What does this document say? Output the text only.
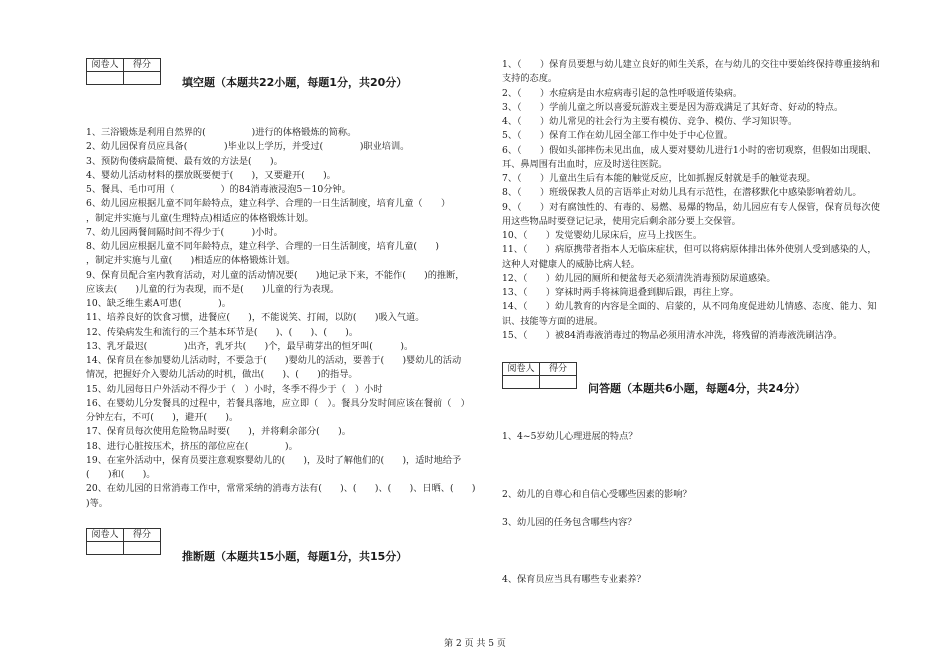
阅卷人	得分

填空题（本题共22小题，每题1分，共20分）
1、三浴锻炼是利用自然界的(　　　　　)进行的体格锻炼的简称。
2、幼儿园保育员应具备(　　　　)毕业以上学历，并受过(　　　　)职业培训。
3、预防佝偻病最简便、最有效的方法是(　　)。
4、婴幼儿活动材料的摆放既要便于(　　)，又要避开(　　)。
5、餐具、毛巾可用（　　　　　）的84消毒液浸泡5－10分钟。
6、幼儿园应根据儿童不同年龄特点，建立科学、合理的一日生活制度，培育儿童（　　）
，制定并实施与儿童(生理特点)相适应的体格锻炼计划。
7、幼儿园两餐间隔时间不得少于(　　　)小时。
8、幼儿园应根据儿童不同年龄特点，建立科学、合理的一日生活制度，培育儿童(　　)
，制定并实施与儿童(　　)相适应的体格锻炼计划。
9、保育员配合室内教育活动，对儿童的活动情况要(　　)地记录下来，不能作(　　)的推断，
应该去(　　)儿童的行为表现，而不是(　　)儿童的行为表现。
10、缺乏维生素A可患(　　　　)。
11、培养良好的饮食习惯，进餐应(　　)，不能说笑、打闹，以防(　　)吸入气道。
12、传染病发生和流行的三个基本环节是(　　)、(　　)、(　　)。
13、乳牙最迟(　　　　)出齐，乳牙共(　　)个，最早萌芽出的恒牙叫(　　　)。
14、保育员在参加婴幼儿活动时，不要急于(　　)婴幼儿的活动，要善于(　　)婴幼儿的活动
情况，把握好介入婴幼儿活动的时机，做出(　　)、(　　)的指导。
15、幼儿园每日户外活动不得少于（　）小时，冬季不得少于（　）小时
16、在婴幼儿分发餐具的过程中，若餐具落地，应立即（　）。餐具分发时间应该在餐前（　）
分钟左右，不可(　　)，避开(　　)。
17、保育员每次使用危险物品时要(　　)，并将剩余部分(　　)。
18、进行心脏按压术，挤压的部位应在(　　　　)。
19、在室外活动中，保育员要注意观察婴幼儿的(　　)，及时了解他们的(　　)，适时地给予
(　　)和(　　)。
20、在幼儿园的日常消毒工作中，常常采纳的消毒方法有(　　)、(　　)、(　　)、日晒、(　　)
)等。
阅卷人	得分

推断题（本题共15小题，每题1分，共15分）
1、（　　）保育员要想与幼儿建立良好的师生关系，在与幼儿的交往中要始终保持尊重接纳和
支持的态度。
2、（　　）水痘病是由水痘病毒引起的急性呼吸道传染病。
3、（　　）学前儿童之所以喜爱玩游戏主要是因为游戏满足了其好奇、好动的特点。
4、（　　）幼儿常见的社会行为主要有模仿、竞争、模仿、学习知识等。
5、（　　）保育工作在幼儿园全部工作中处于中心位置。
6、（　　）假如头部摔伤未见出血，成人要对婴幼儿进行1小时的密切观察，但假如出现眼、
耳、鼻周围有出血时，应及时送往医院。
7、（　　）儿童出生后有本能的触觉反应，比如抓握反射就是手的触觉表现。
8、（　　）班级保教人员的言语举止对幼儿具有示范性，在潜移默化中感染影响着幼儿。
9、（　　）对有腐蚀性的、有毒的、易燃、易爆的物品，幼儿园应有专人保管，保育员每次使
用这些物品时要登记记录，使用完后剩余部分要上交保管。
10、（　　）发觉婴幼儿尿床后，应马上找医生。
11、（　　）病原携带者指本人无临床症状，但可以将病原体排出体外使别人受到感染的人，
这种人对健康人的威胁比病人轻。
12、（　　）幼儿园的厕所和便盆每天必须清洗消毒预防尿道感染。
13、（　　）穿袜时两手将袜筒退叠到脚后跟，再往上穿。
14、（　　）幼儿教育的内容是全面的、启蒙的，从不同角度促进幼儿情感、态度、能力、知
识、技能等方面的进展。
15、（　　）被84消毒液消毒过的物品必须用清水冲洗，将残留的消毒液洗刷洁净。
阅卷人	得分

问答题（本题共6小题，每题4分，共24分）
1、4~5岁幼儿心理进展的特点？
2、幼儿的自尊心和自信心受哪些因素的影响？
3、幼儿园的任务包含哪些内容？
4、保育员应当具有哪些专业素养？
第 2 页 共 5 页
